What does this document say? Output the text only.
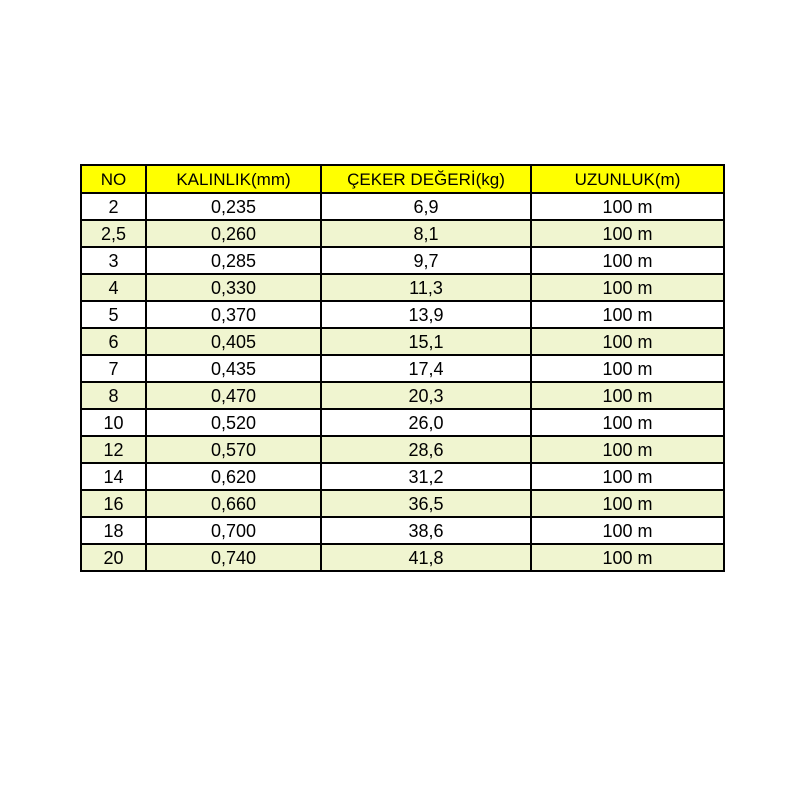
NO	KALINLIK(mm)	ÇEKER DEĞERİ(kg)	UZUNLUK(m)
2	0,235	6,9	100 m
2,5	0,260	8,1	100 m
3	0,285	9,7	100 m
4	0,330	11,3	100 m
5	0,370	13,9	100 m
6	0,405	15,1	100 m
7	0,435	17,4	100 m
8	0,470	20,3	100 m
10	0,520	26,0	100 m
12	0,570	28,6	100 m
14	0,620	31,2	100 m
16	0,660	36,5	100 m
18	0,700	38,6	100 m
20	0,740	41,8	100 m
